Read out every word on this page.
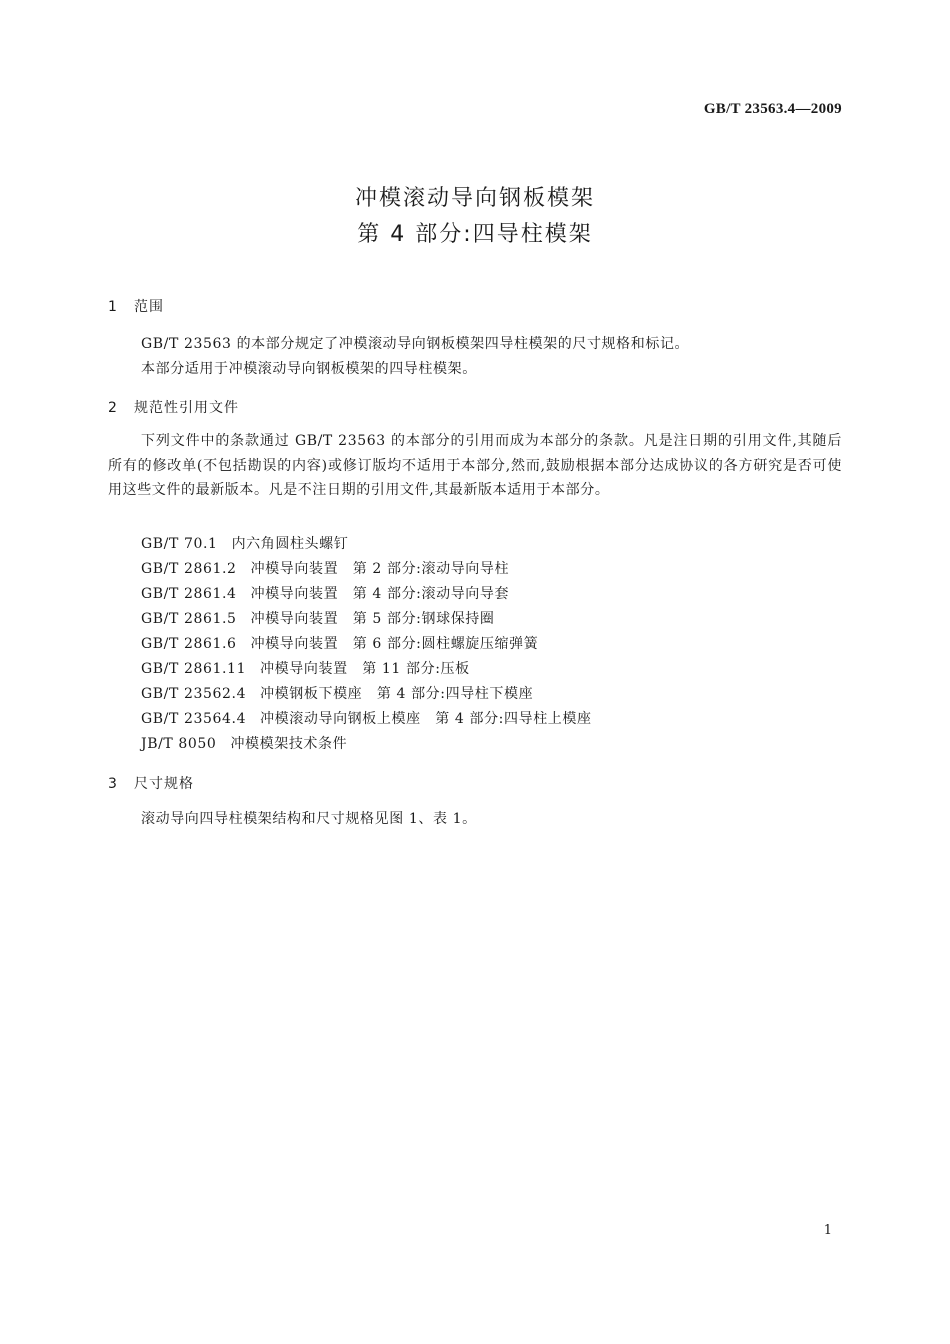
GB/T 23563.4—2009
冲模滚动导向钢板模架
第 4 部分:四导柱模架
1 范围
GB/T 23563 的本部分规定了冲模滚动导向钢板模架四导柱模架的尺寸规格和标记。
本部分适用于冲模滚动导向钢板模架的四导柱模架。
2 规范性引用文件
下列文件中的条款通过 GB/T 23563 的本部分的引用而成为本部分的条款。凡是注日期的引用文件,其随后所有的修改单(不包括勘误的内容)或修订版均不适用于本部分,然而,鼓励根据本部分达成协议的各方研究是否可使用这些文件的最新版本。凡是不注日期的引用文件,其最新版本适用于本部分。
GB/T 70.1 内六角圆柱头螺钉
GB/T 2861.2 冲模导向装置　第 2 部分:滚动导向导柱
GB/T 2861.4 冲模导向装置　第 4 部分:滚动导向导套
GB/T 2861.5 冲模导向装置　第 5 部分:钢球保持圈
GB/T 2861.6 冲模导向装置　第 6 部分:圆柱螺旋压缩弹簧
GB/T 2861.11 冲模导向装置　第 11 部分:压板
GB/T 23562.4 冲模钢板下模座　第 4 部分:四导柱下模座
GB/T 23564.4 冲模滚动导向钢板上模座　第 4 部分:四导柱上模座
JB/T 8050 冲模模架技术条件
3 尺寸规格
滚动导向四导柱模架结构和尺寸规格见图 1、表 1。
1
